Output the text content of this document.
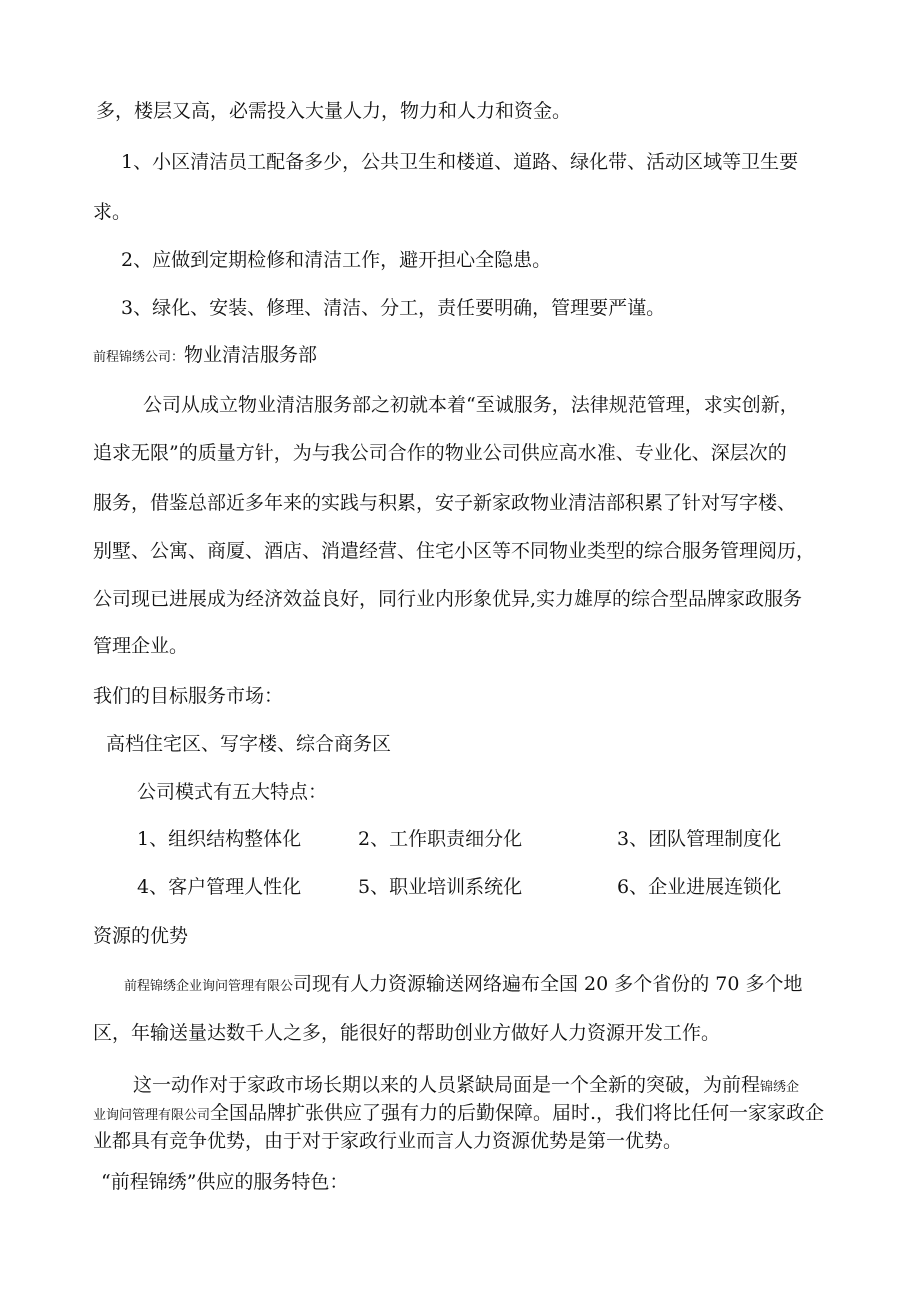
多，楼层又高，必需投入大量人力，物力和人力和资金。
1、小区清洁员工配备多少，公共卫生和楼道、道路、绿化带、活动区域等卫生要
求。
2、应做到定期检修和清洁工作，避开担心全隐患。
3、绿化、安装、修理、清洁、分工，责任要明确，管理要严谨。
前程锦绣公司：物业清洁服务部
公司从成立物业清洁服务部之初就本着“至诚服务，法律规范管理，求实创新，
追求无限”的质量方针，为与我公司合作的物业公司供应高水准、专业化、深层次的
服务，借鉴总部近多年来的实践与积累，安子新家政物业清洁部积累了针对写字楼、
别墅、公寓、商厦、酒店、消遣经营、住宅小区等不同物业类型的综合服务管理阅历，
公司现已进展成为经济效益良好，同行业内形象优异,实力雄厚的综合型品牌家政服务
管理企业。
我们的目标服务市场：
高档住宅区、写字楼、综合商务区
公司模式有五大特点：
1、组织结构整体化	2、工作职责细分化	3、团队管理制度化
4、客户管理人性化	5、职业培训系统化	6、企业进展连锁化
资源的优势
前程锦绣企业询问管理有限公司现有人力资源输送网络遍布全国 20 多个省份的 70 多个地
区，年输送量达数千人之多，能很好的帮助创业方做好人力资源开发工作。
这一动作对于家政市场长期以来的人员紧缺局面是一个全新的突破，为前程锦绣企
业询问管理有限公司全国品牌扩张供应了强有力的后勤保障。届时.，我们将比任何一家家政企
业都具有竞争优势，由于对于家政行业而言人力资源优势是第一优势。
“前程锦绣”供应的服务特色：
